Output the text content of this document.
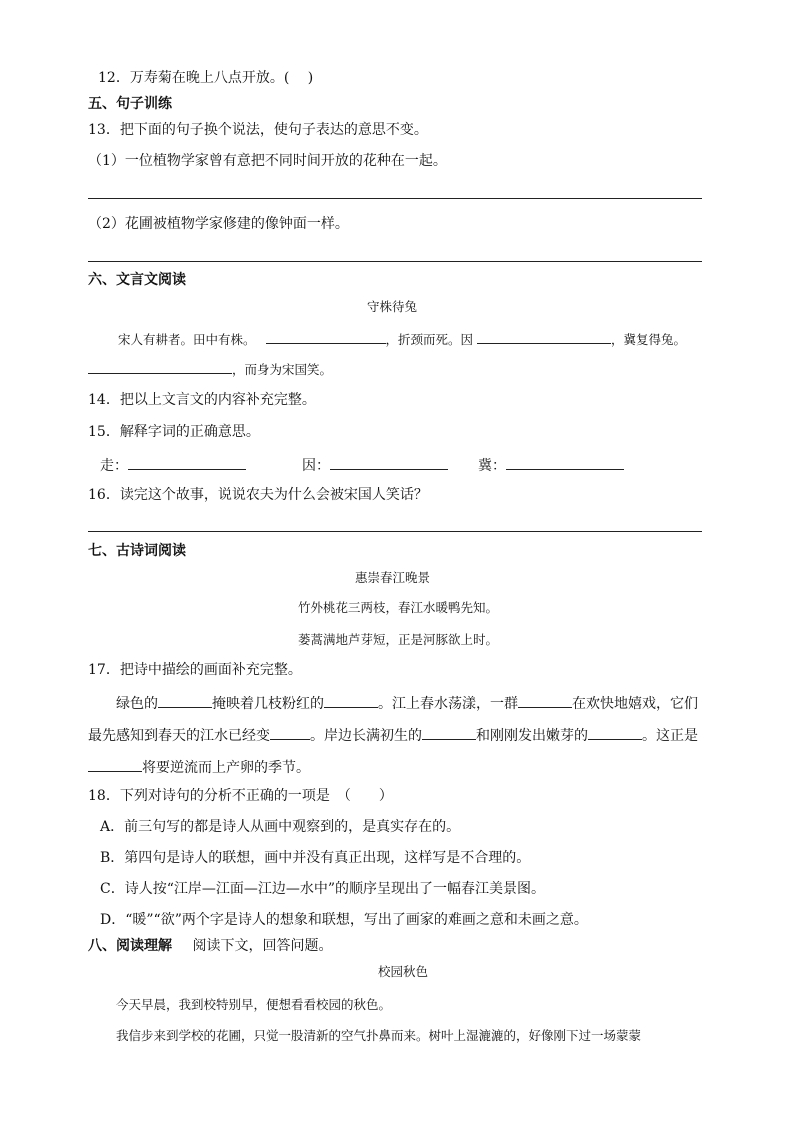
12．万寿菊在晚上八点开放。(　 )
五、句子训练
13．把下面的句子换个说法，使句子表达的意思不变。
（1）一位植物学家曾有意把不同时间开放的花种在一起。
（2）花圃被植物学家修建的像钟面一样。
六、文言文阅读
守株待兔
宋人有耕者。田中有株。	，折颈而死。因	，冀复得兔。
，而身为宋国笑。
14．把以上文言文的内容补充完整。
15．解释字词的正确意思。
走：	因：	冀：
16．读完这个故事，说说农夫为什么会被宋国人笑话？
七、古诗词阅读
惠崇春江晚景
竹外桃花三两枝，春江水暖鸭先知。
蒌蒿满地芦芽短，正是河豚欲上时。
17．把诗中描绘的画面补充完整。
绿色的	掩映着几枝粉红的	。江上春水荡漾，一群	在欢快地嬉戏，它们
最先感知到春天的江水已经变	。岸边长满初生的	和刚刚发出嫩芽的	。这正是
将要逆流而上产卵的季节。
18．下列对诗句的分析不正确的一项是　（　　）
A．前三句写的都是诗人从画中观察到的，是真实存在的。
B．第四句是诗人的联想，画中并没有真正出现，这样写是不合理的。
C．诗人按“江岸—江面—江边—水中”的顺序呈现出了一幅春江美景图。
D．“暖”“欲”两个字是诗人的想象和联想，写出了画家的难画之意和未画之意。
八、阅读理解 阅读下文，回答问题。
校园秋色
今天早晨，我到校特别早，便想看看校园的秋色。
我信步来到学校的花圃，只觉一股清新的空气扑鼻而来。树叶上湿漉漉的，好像刚下过一场蒙蒙
